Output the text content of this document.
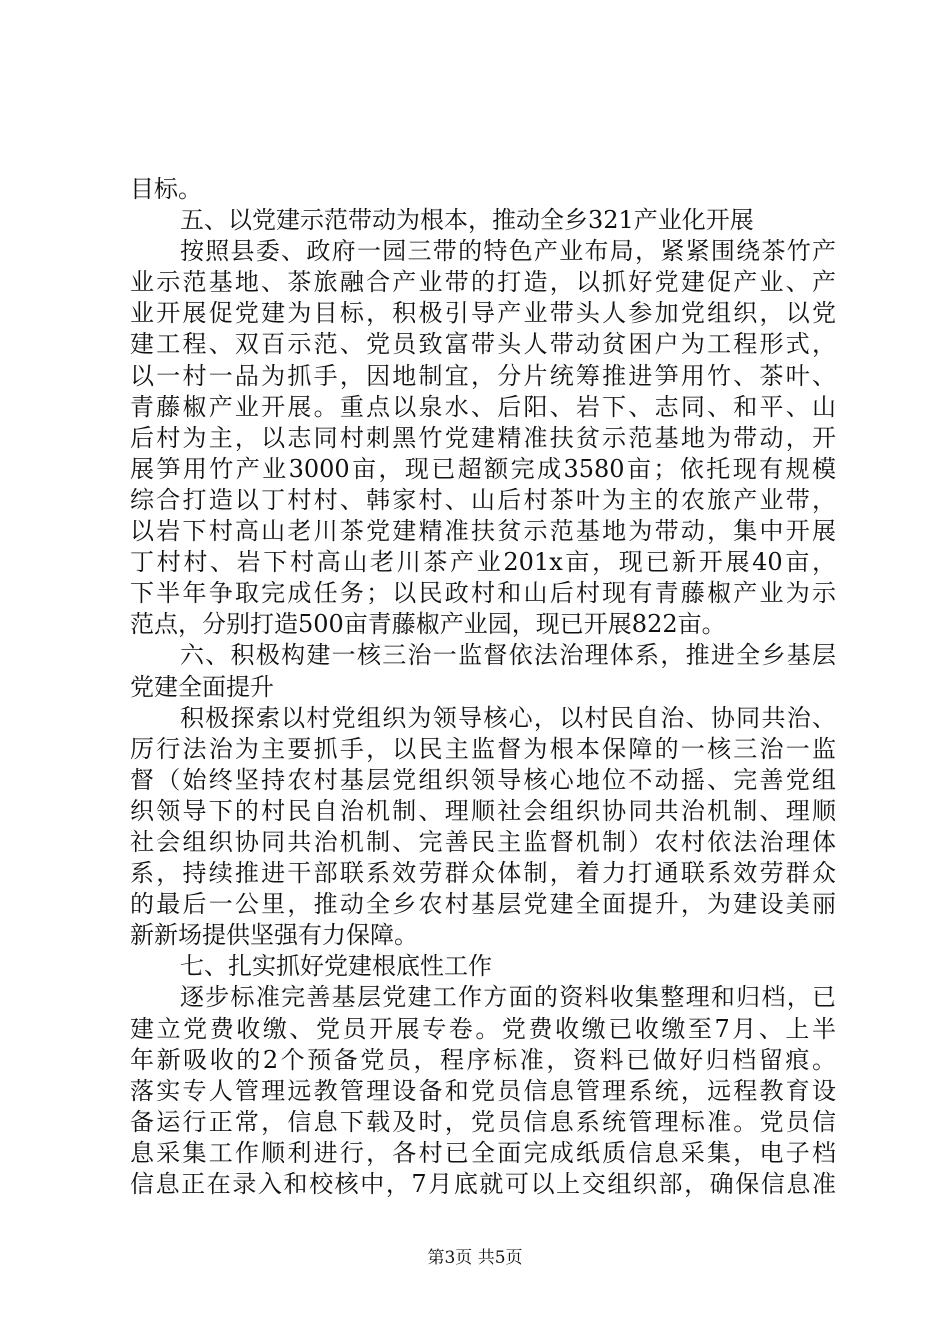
目标。
五、以党建示范带动为根本，推动全乡321产业化开展
按照县委、政府一园三带的特色产业布局，紧紧围绕茶竹产
业示范基地、茶旅融合产业带的打造，以抓好党建促产业、产
业开展促党建为目标，积极引导产业带头人参加党组织，以党
建工程、双百示范、党员致富带头人带动贫困户为工程形式，
以一村一品为抓手，因地制宜，分片统筹推进笋用竹、茶叶、
青藤椒产业开展。重点以泉水、后阳、岩下、志同、和平、山
后村为主，以志同村刺黑竹党建精准扶贫示范基地为带动，开
展笋用竹产业3000亩，现已超额完成3580亩；依托现有规模
综合打造以丁村村、韩家村、山后村茶叶为主的农旅产业带，
以岩下村高山老川茶党建精准扶贫示范基地为带动，集中开展
丁村村、岩下村高山老川茶产业201x亩，现已新开展40亩，
下半年争取完成任务；以民政村和山后村现有青藤椒产业为示
范点，分别打造500亩青藤椒产业园，现已开展822亩。
六、积极构建一核三治一监督依法治理体系，推进全乡基层
党建全面提升
积极探索以村党组织为领导核心，以村民自治、协同共治、
厉行法治为主要抓手，以民主监督为根本保障的一核三治一监
督（始终坚持农村基层党组织领导核心地位不动摇、完善党组
织领导下的村民自治机制、理顺社会组织协同共治机制、理顺
社会组织协同共治机制、完善民主监督机制）农村依法治理体
系，持续推进干部联系效劳群众体制，着力打通联系效劳群众
的最后一公里，推动全乡农村基层党建全面提升，为建设美丽
新新场提供坚强有力保障。
七、扎实抓好党建根底性工作
逐步标准完善基层党建工作方面的资料收集整理和归档，已
建立党费收缴、党员开展专卷。党费收缴已收缴至7月、上半
年新吸收的2个预备党员，程序标准，资料已做好归档留痕。
落实专人管理远教管理设备和党员信息管理系统，远程教育设
备运行正常，信息下载及时，党员信息系统管理标准。党员信
息采集工作顺利进行，各村已全面完成纸质信息采集，电子档
信息正在录入和校核中，7月底就可以上交组织部，确保信息准
第3页 共5页
